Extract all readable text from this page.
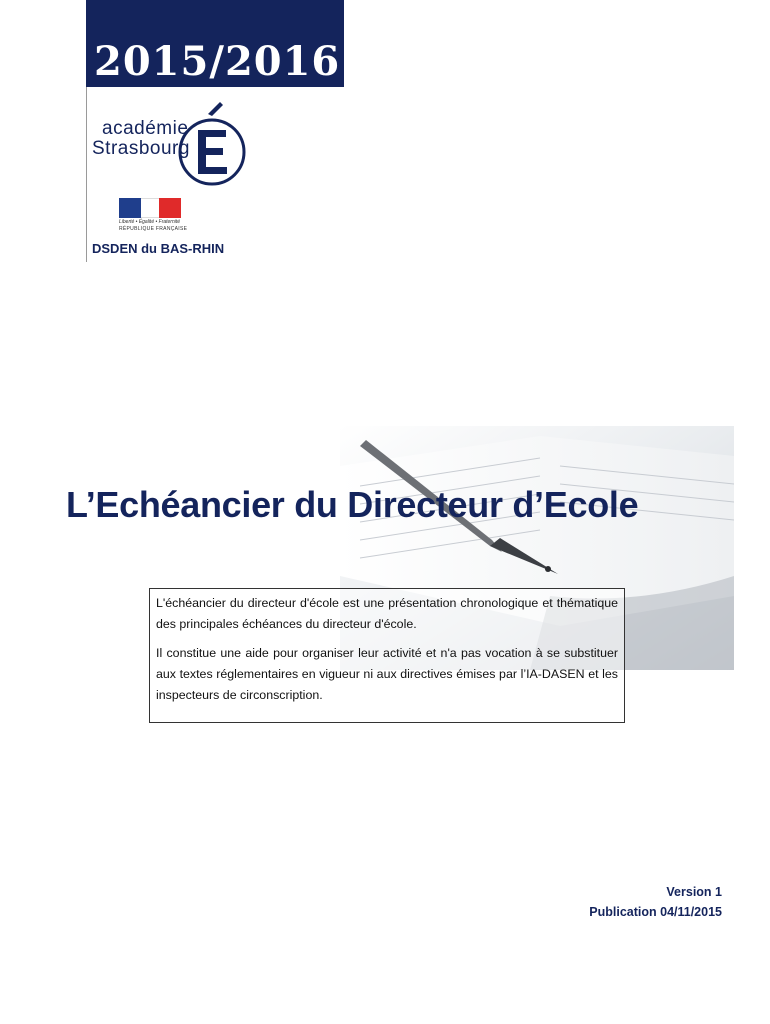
2015/2016
académie
Strasbourg
Liberté • Égalité • Fraternité
RÉPUBLIQUE FRANÇAISE
DSDEN du BAS-RHIN
L’Echéancier du Directeur d’Ecole

L'échéancier du directeur d'école est une présentation chronologique et thématique des principales échéances du directeur d'école.

Il constitue une aide pour organiser leur activité et n'a pas vocation à se substituer aux textes réglementaires en vigueur ni aux directives émises par l’IA-DASEN et les inspecteurs de circonscription.

Version 1
Publication 04/11/2015
